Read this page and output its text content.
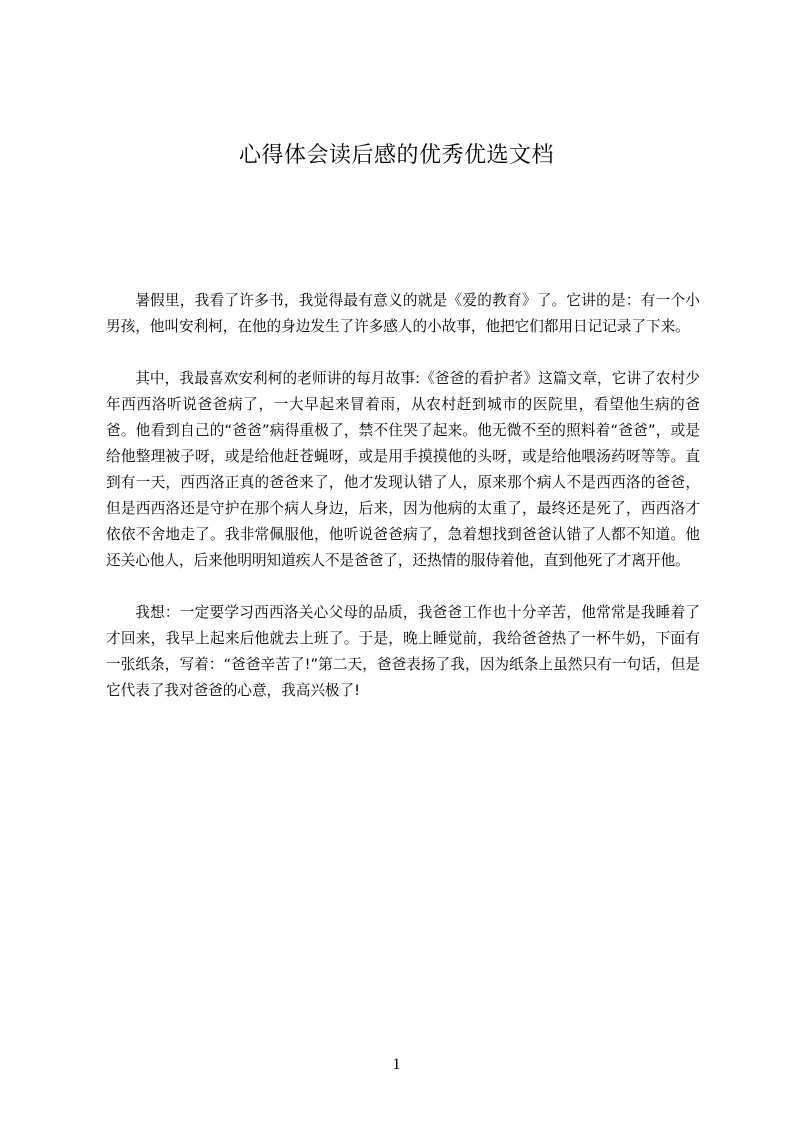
心得体会读后感的优秀优选文档

暑假里，我看了许多书，我觉得最有意义的就是《爱的教育》了。它讲的是：有一个小男孩，他叫安利柯，在他的身边发生了许多感人的小故事，他把它们都用日记记录了下来。

其中，我最喜欢安利柯的老师讲的每月故事:《爸爸的看护者》这篇文章，它讲了农村少年西西洛听说爸爸病了，一大早起来冒着雨，从农村赶到城市的医院里，看望他生病的爸爸。他看到自己的“爸爸”病得重极了，禁不住哭了起来。他无微不至的照料着“爸爸”，或是给他整理被子呀，或是给他赶苍蝇呀，或是用手摸摸他的头呀，或是给他喂汤药呀等等。直到有一天，西西洛正真的爸爸来了，他才发现认错了人，原来那个病人不是西西洛的爸爸，但是西西洛还是守护在那个病人身边，后来，因为他病的太重了，最终还是死了，西西洛才依依不舍地走了。我非常佩服他，他听说爸爸病了，急着想找到爸爸认错了人都不知道。他还关心他人，后来他明明知道疾人不是爸爸了，还热情的服侍着他，直到他死了才离开他。

我想：一定要学习西西洛关心父母的品质，我爸爸工作也十分辛苦，他常常是我睡着了才回来，我早上起来后他就去上班了。于是，晚上睡觉前，我给爸爸热了一杯牛奶，下面有一张纸条，写着：“爸爸辛苦了!”第二天，爸爸表扬了我，因为纸条上虽然只有一句话，但是它代表了我对爸爸的心意，我高兴极了!

1
